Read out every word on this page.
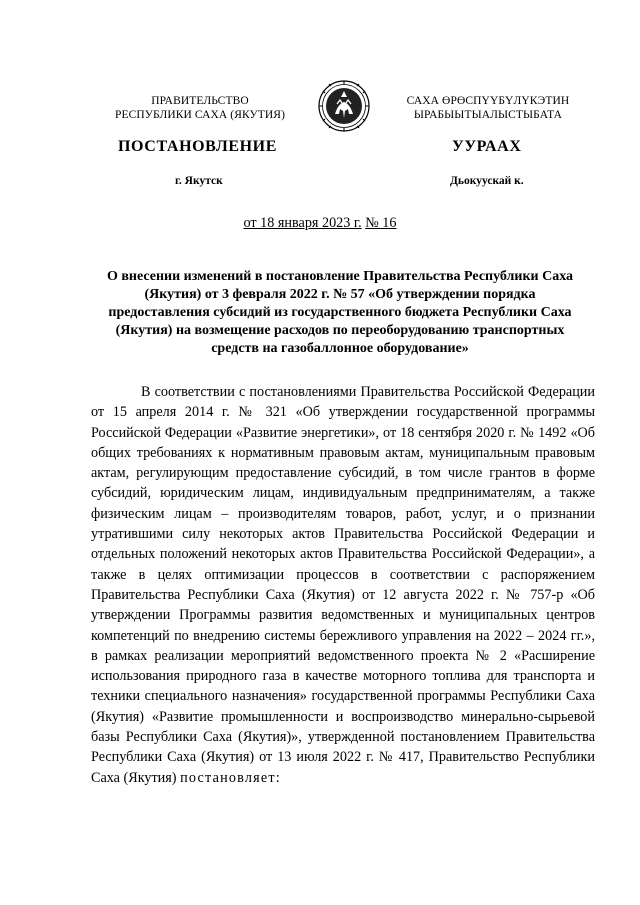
ПРАВИТЕЛЬСТВО
РЕСПУБЛИКИ САХА (ЯКУТИЯ)
САХА ӨРӨСПҮҮБҮЛҮКЭТИН
ЫРАБЫЫТЫАЛЫСТЫБАТА
ПОСТАНОВЛЕНИЕ	УУРААХ
г. Якутск	Дьокуускай к.
от 18 января 2023 г. № 16
О внесении изменений в постановление Правительства Республики Саха (Якутия) от 3 февраля 2022 г. № 57 «Об утверждении порядка предоставления субсидий из государственного бюджета Республики Саха (Якутия) на возмещение расходов по переоборудованию транспортных средств на газобаллонное оборудование»

В соответствии с постановлениями Правительства Российской Федерации от 15 апреля 2014 г. № 321 «Об утверждении государственной программы Российской Федерации «Развитие энергетики», от 18 сентября 2020 г. № 1492 «Об общих требованиях к нормативным правовым актам, муниципальным правовым актам, регулирующим предоставление субсидий, в том числе грантов в форме субсидий, юридическим лицам, индивидуальным предпринимателям, а также физическим лицам – производителям товаров, работ, услуг, и о признании утратившими силу некоторых актов Правительства Российской Федерации и отдельных положений некоторых актов Правительства Российской Федерации», а также в целях оптимизации процессов в соответствии с распоряжением Правительства Республики Саха (Якутия) от 12 августа 2022 г. № 757-р «Об утверждении Программы развития ведомственных и муниципальных центров компетенций по внедрению системы бережливого управления на 2022 – 2024 гг.», в рамках реализации мероприятий ведомственного проекта № 2 «Расширение использования природного газа в качестве моторного топлива для транспорта и техники специального назначения» государственной программы Республики Саха (Якутия) «Развитие промышленности и воспроизводство минерально-сырьевой базы Республики Саха (Якутия)», утвержденной постановлением Правительства Республики Саха (Якутия) от 13 июля 2022 г. № 417, Правительство Республики Саха (Якутия) постановляет:
